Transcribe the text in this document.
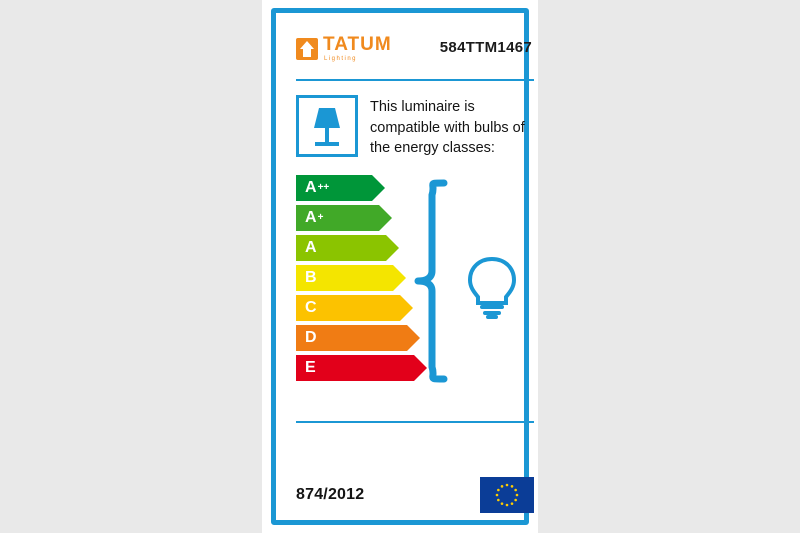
TATUM
Lighting
584TTM1467
This luminaire is compatible with bulbs of the energy classes:
A ++
A +
A
B
C
D
E
874/2012
